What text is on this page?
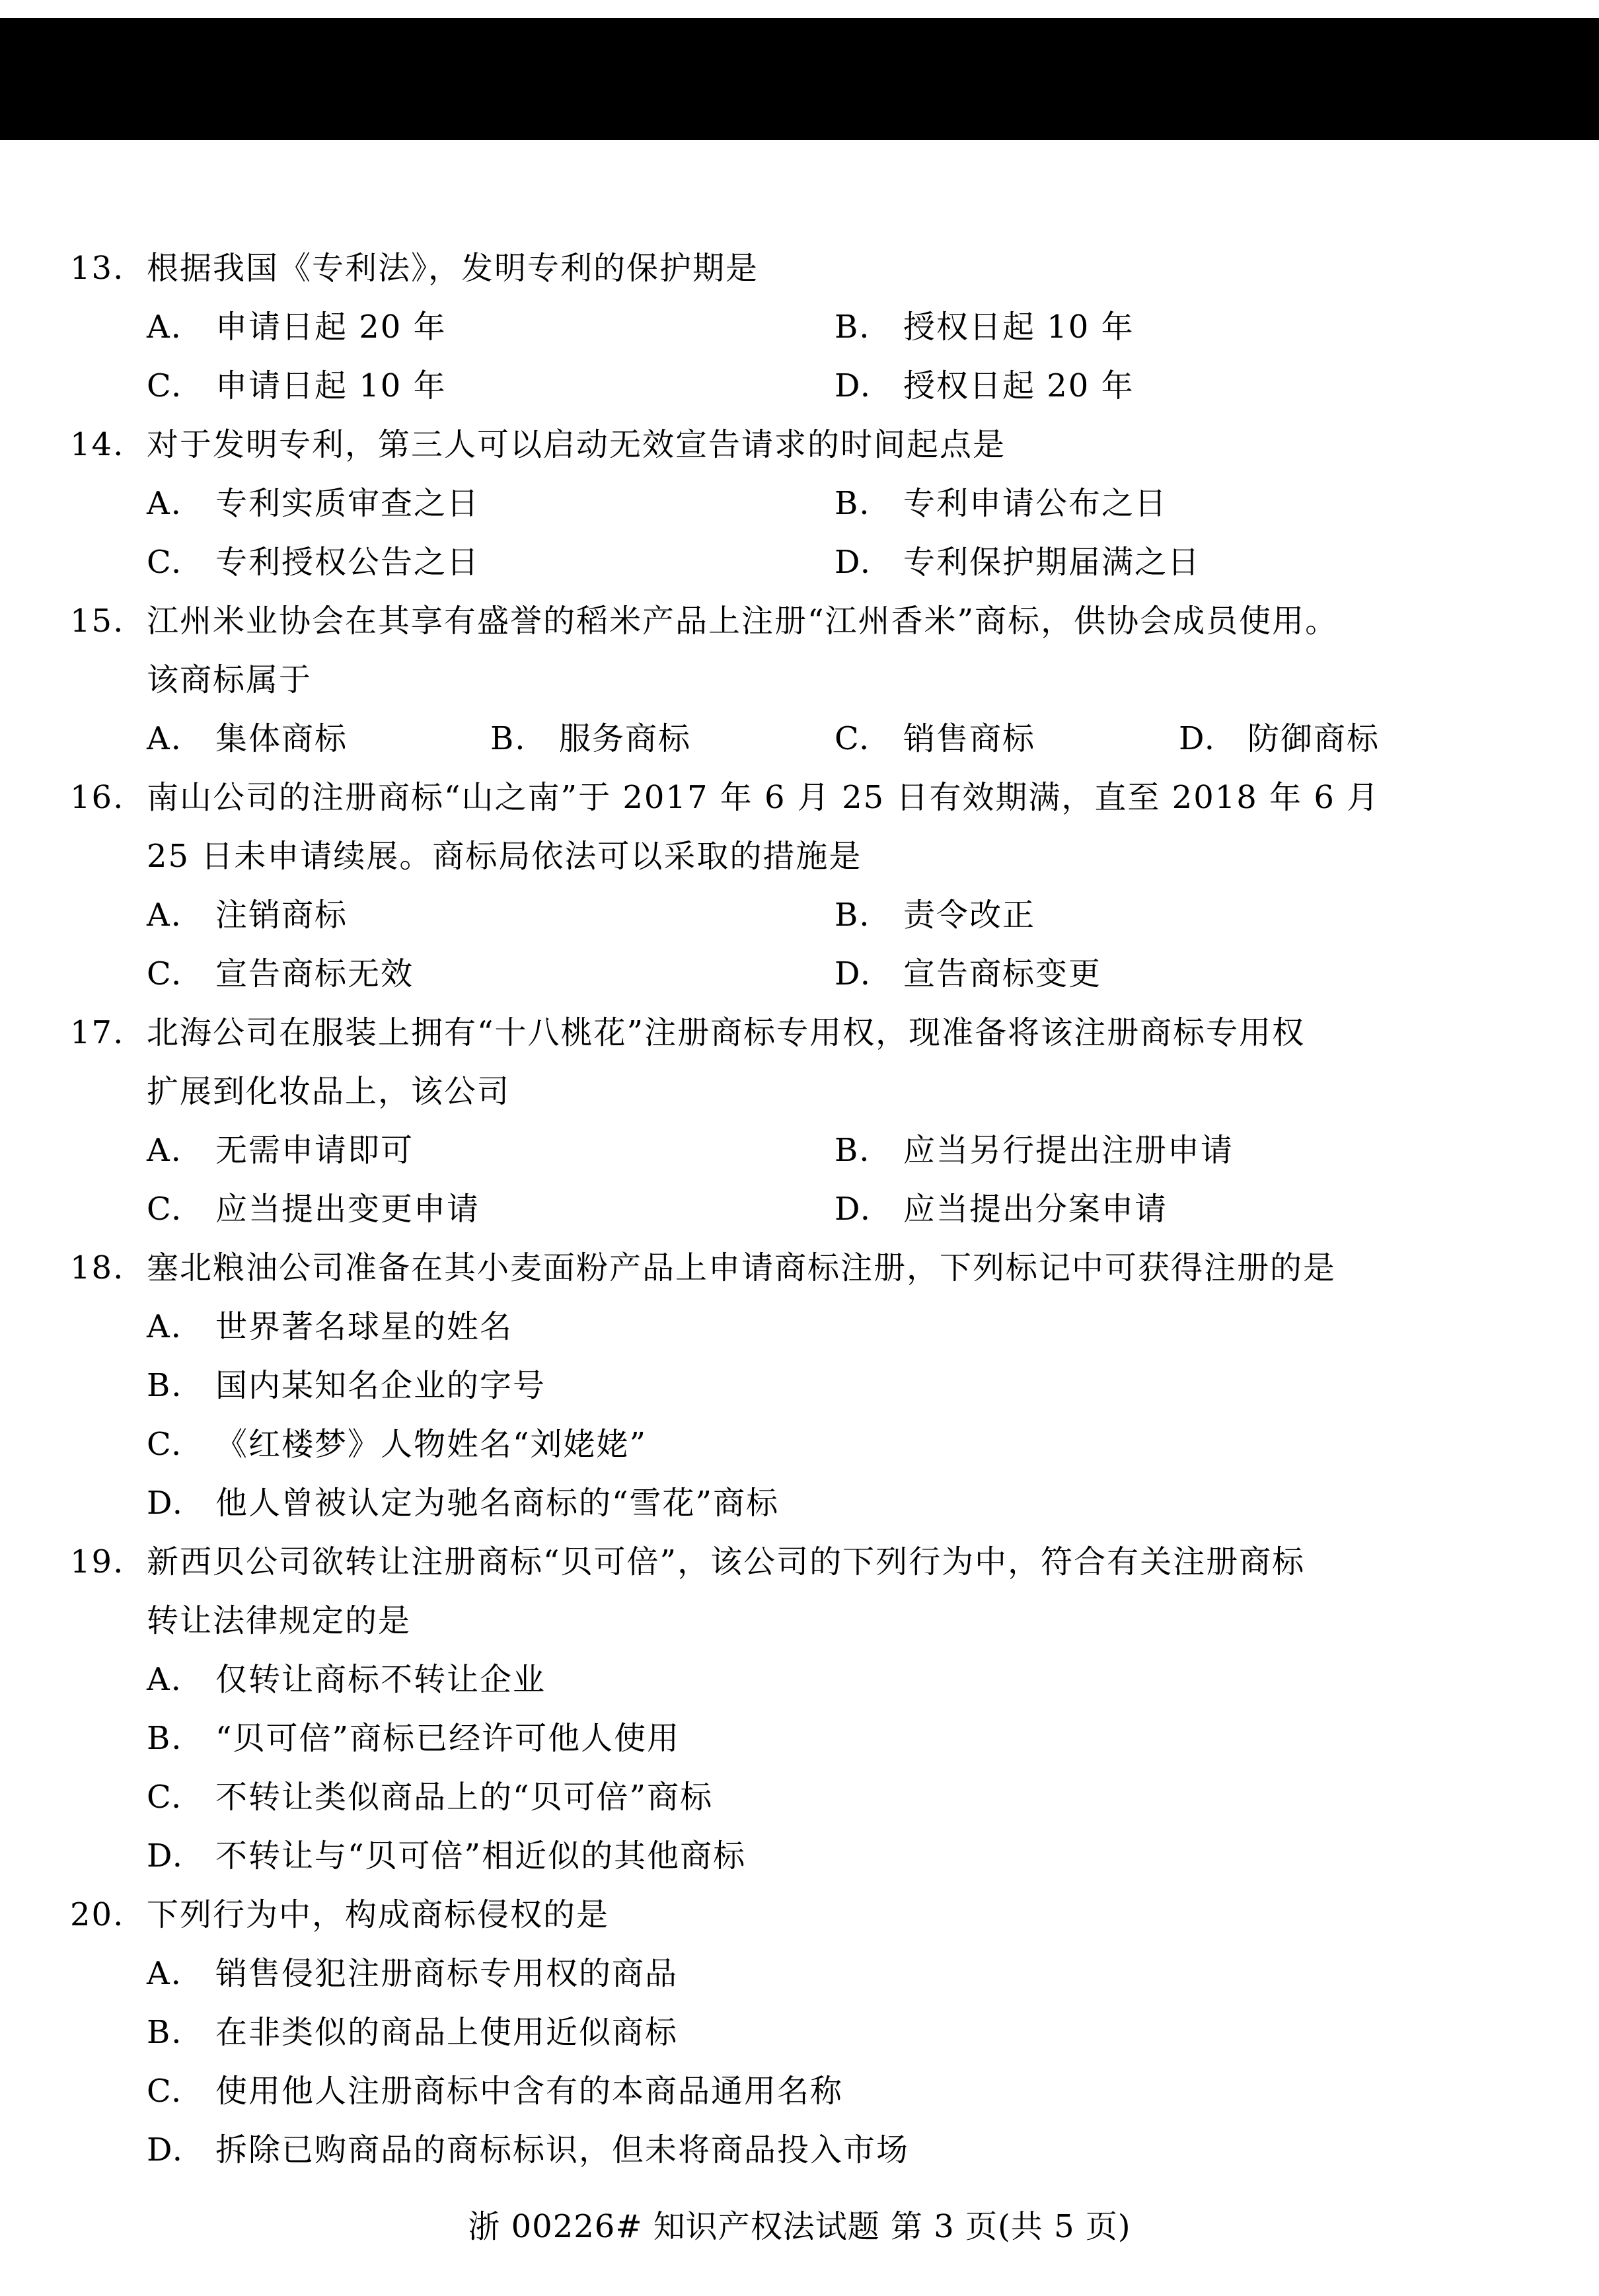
13. 根据我国《专利法》，发明专利的保护期是
A. 申请日起 20 年	B. 授权日起 10 年
C. 申请日起 10 年	D. 授权日起 20 年
14. 对于发明专利，第三人可以启动无效宣告请求的时间起点是
A. 专利实质审查之日	B. 专利申请公布之日
C. 专利授权公告之日	D. 专利保护期届满之日
15. 江州米业协会在其享有盛誉的稻米产品上注册“江州香米”商标，供协会成员使用。
该商标属于
A. 集体商标	B. 服务商标	C. 销售商标	D. 防御商标
16. 南山公司的注册商标“山之南”于 2017 年 6 月 25 日有效期满，直至 2018 年 6 月
25 日未申请续展。商标局依法可以采取的措施是
A. 注销商标	B. 责令改正
C. 宣告商标无效	D. 宣告商标变更
17. 北海公司在服装上拥有“十八桃花”注册商标专用权，现准备将该注册商标专用权
扩展到化妆品上，该公司
A. 无需申请即可	B. 应当另行提出注册申请
C. 应当提出变更申请	D. 应当提出分案申请
18. 塞北粮油公司准备在其小麦面粉产品上申请商标注册，下列标记中可获得注册的是
A. 世界著名球星的姓名
B. 国内某知名企业的字号
C. 《红楼梦》人物姓名“刘姥姥”
D. 他人曾被认定为驰名商标的“雪花”商标
19. 新西贝公司欲转让注册商标“贝可倍”，该公司的下列行为中，符合有关注册商标
转让法律规定的是
A. 仅转让商标不转让企业
B. “贝可倍”商标已经许可他人使用
C. 不转让类似商品上的“贝可倍”商标
D. 不转让与“贝可倍”相近似的其他商标
20. 下列行为中，构成商标侵权的是
A. 销售侵犯注册商标专用权的商品
B. 在非类似的商品上使用近似商标
C. 使用他人注册商标中含有的本商品通用名称
D. 拆除已购商品的商标标识，但未将商品投入市场
浙 00226# 知识产权法试题 第 3 页(共 5 页)
